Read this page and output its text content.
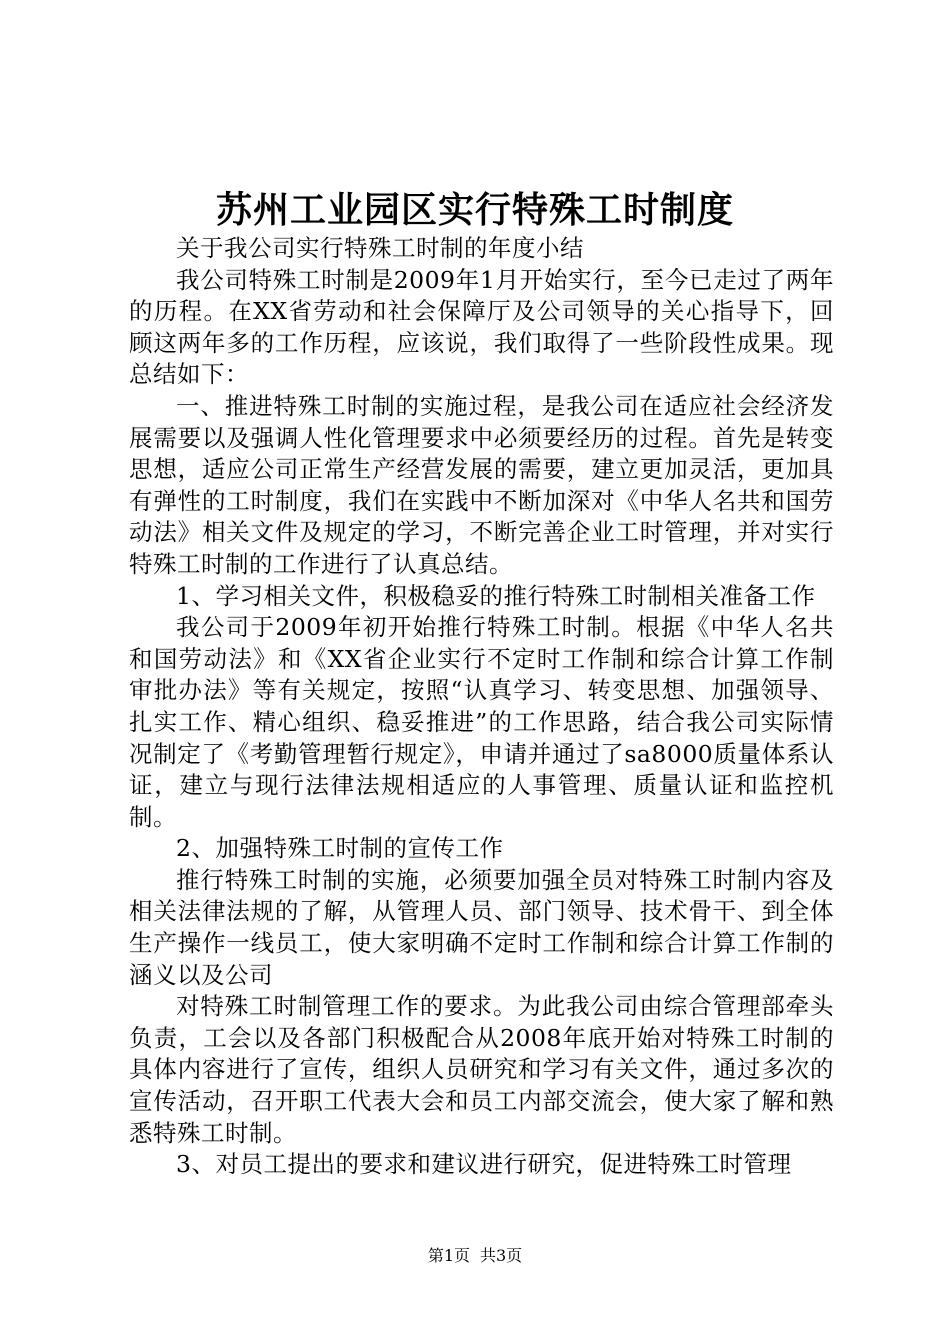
苏州工业园区实行特殊工时制度

关于我公司实行特殊工时制的年度小结

我公司特殊工时制是2009年1月开始实行，至今已走过了两年的历程。在XX省劳动和社会保障厅及公司领导的关心指导下，回顾这两年多的工作历程，应该说，我们取得了一些阶段性成果。现总结如下：

一、推进特殊工时制的实施过程，是我公司在适应社会经济发展需要以及强调人性化管理要求中必须要经历的过程。首先是转变思想，适应公司正常生产经营发展的需要，建立更加灵活，更加具有弹性的工时制度，我们在实践中不断加深对《中华人名共和国劳动法》相关文件及规定的学习，不断完善企业工时管理，并对实行特殊工时制的工作进行了认真总结。

1、学习相关文件，积极稳妥的推行特殊工时制相关准备工作

我公司于2009年初开始推行特殊工时制。根据《中华人名共和国劳动法》和《XX省企业实行不定时工作制和综合计算工作制审批办法》等有关规定，按照“认真学习、转变思想、加强领导、扎实工作、精心组织、稳妥推进”的工作思路，结合我公司实际情况制定了《考勤管理暂行规定》，申请并通过了sa8000质量体系认证，建立与现行法律法规相适应的人事管理、质量认证和监控机制。

2、加强特殊工时制的宣传工作

推行特殊工时制的实施，必须要加强全员对特殊工时制内容及相关法律法规的了解，从管理人员、部门领导、技术骨干、到全体生产操作一线员工，使大家明确不定时工作制和综合计算工作制的涵义以及公司

对特殊工时制管理工作的要求。为此我公司由综合管理部牵头负责，工会以及各部门积极配合从2008年底开始对特殊工时制的具体内容进行了宣传，组织人员研究和学习有关文件，通过多次的宣传活动，召开职工代表大会和员工内部交流会，使大家了解和熟悉特殊工时制。

3、对员工提出的要求和建议进行研究，促进特殊工时管理

第1页 共3页
